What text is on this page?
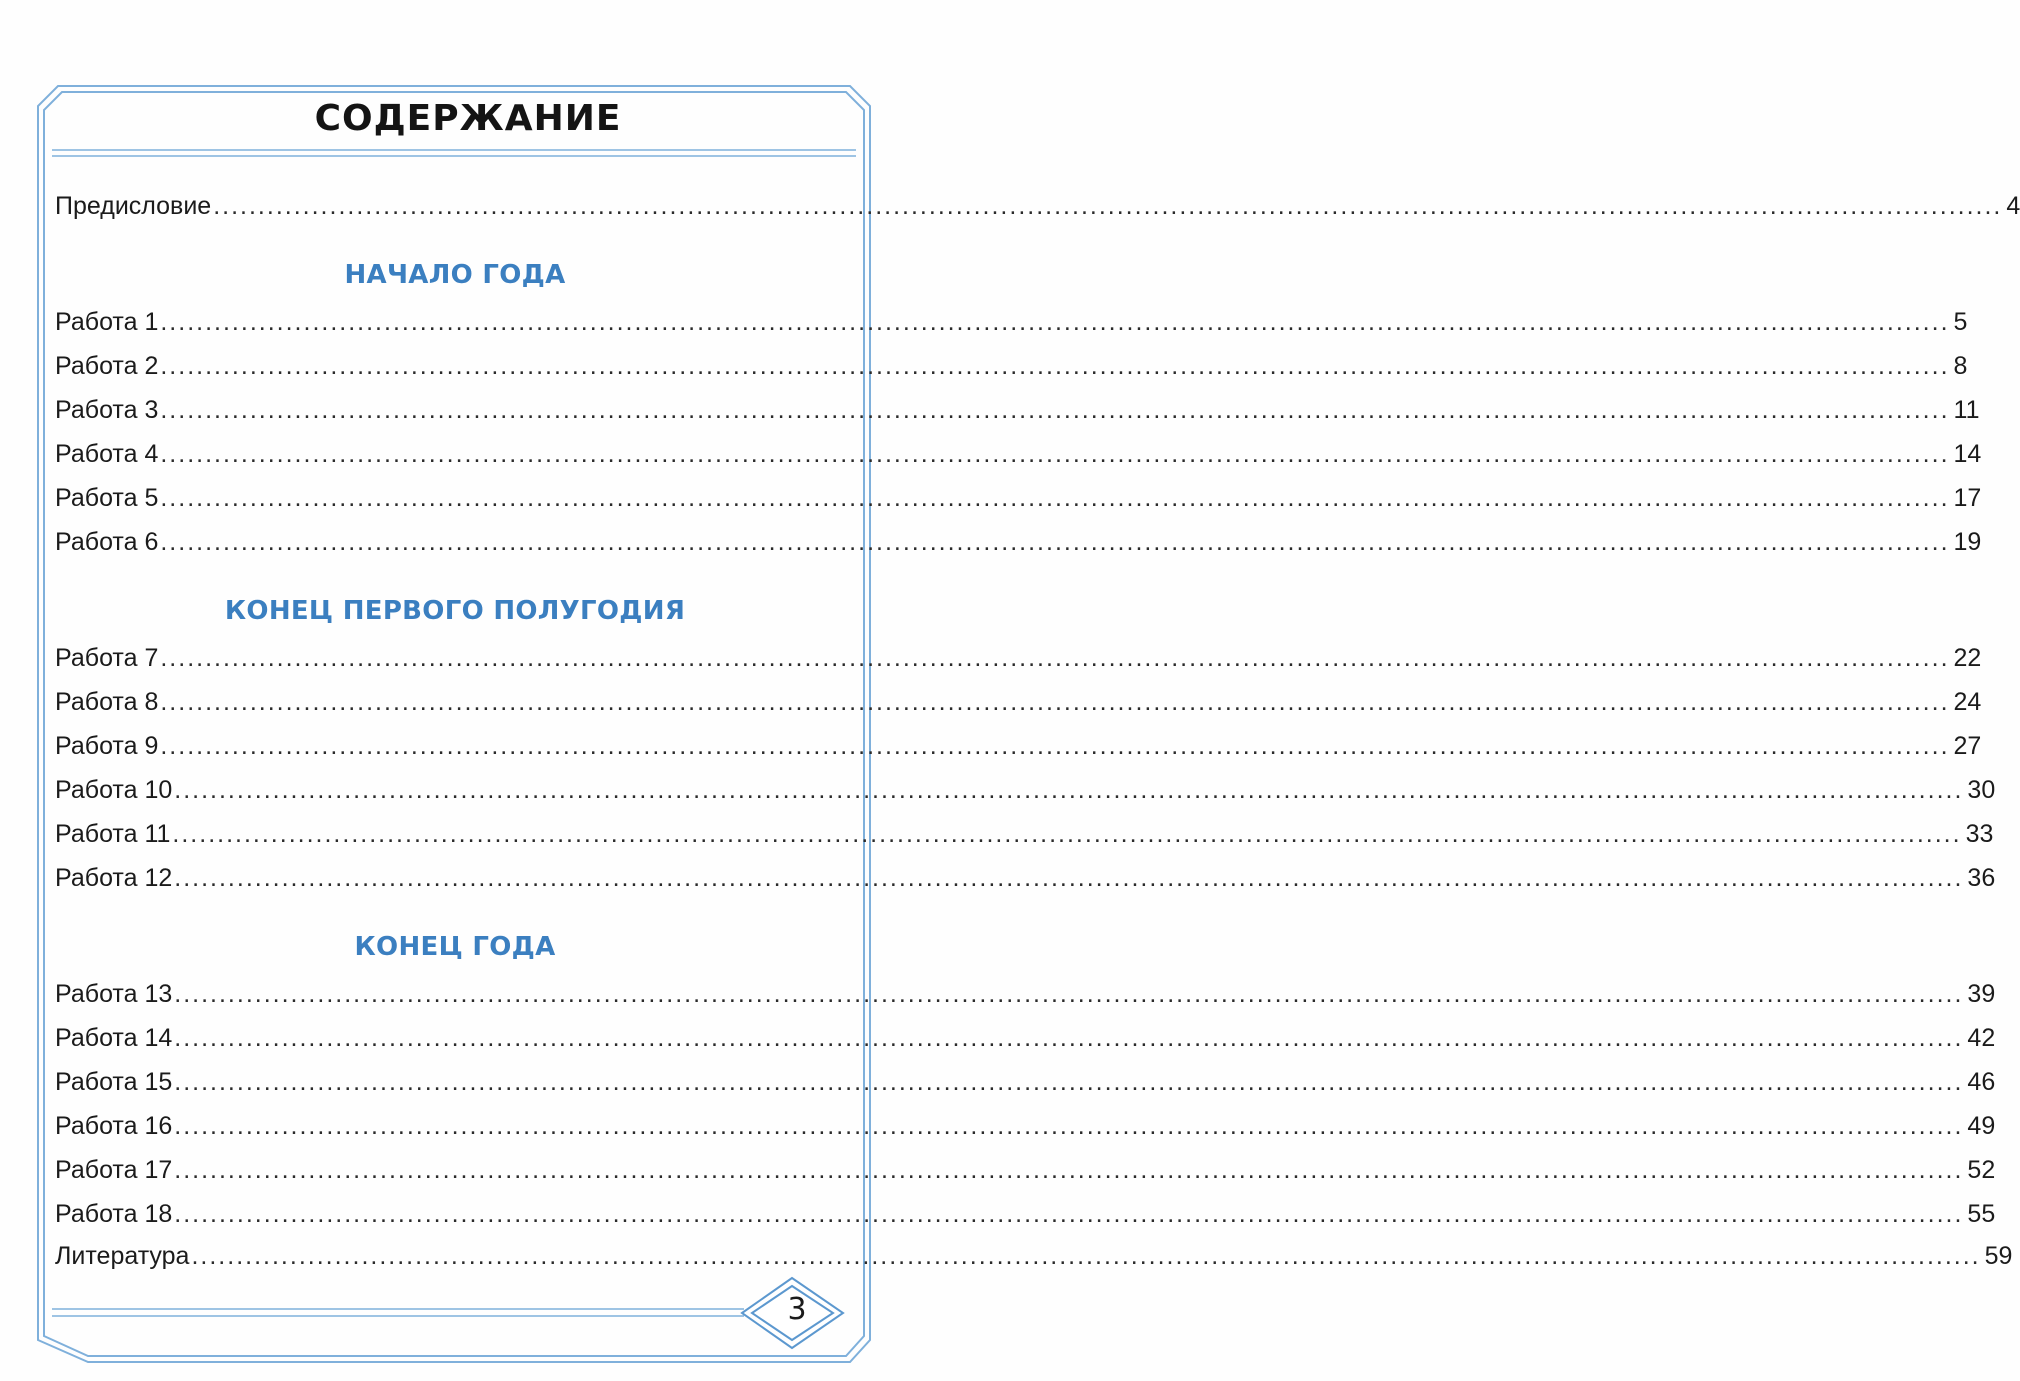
СОДЕРЖАНИЕ
Предисловие ........................................................................................................................................................................................................ 4
НАЧАЛО ГОДА
Работа 1 ........................................................................................................................................................................................................ 5
Работа 2 ........................................................................................................................................................................................................ 8
Работа 3 ........................................................................................................................................................................................................ 11
Работа 4 ........................................................................................................................................................................................................ 14
Работа 5 ........................................................................................................................................................................................................ 17
Работа 6 ........................................................................................................................................................................................................ 19
КОНЕЦ ПЕРВОГО ПОЛУГОДИЯ
Работа 7 ........................................................................................................................................................................................................ 22
Работа 8 ........................................................................................................................................................................................................ 24
Работа 9 ........................................................................................................................................................................................................ 27
Работа 10 ........................................................................................................................................................................................................ 30
Работа 11 ........................................................................................................................................................................................................ 33
Работа 12 ........................................................................................................................................................................................................ 36
КОНЕЦ ГОДА
Работа 13 ........................................................................................................................................................................................................ 39
Работа 14 ........................................................................................................................................................................................................ 42
Работа 15 ........................................................................................................................................................................................................ 46
Работа 16 ........................................................................................................................................................................................................ 49
Работа 17 ........................................................................................................................................................................................................ 52
Работа 18 ........................................................................................................................................................................................................ 55
Литература ........................................................................................................................................................................................................ 59
3
